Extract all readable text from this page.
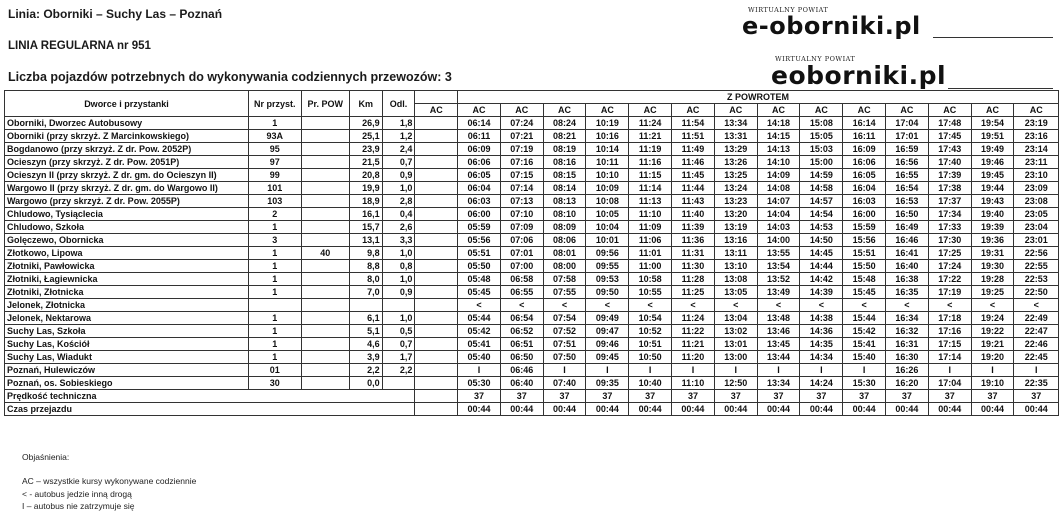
Linia: Oborniki – Suchy Las – Poznań
LINIA REGULARNA nr 951
Liczba pojazdów potrzebnych do wykonywania codziennych przewozów: 3
WIRTUALNY POWIAT
e-oborniki.pl
WIRTUALNY POWIAT
eoborniki.pl
Dworce i przystanki	Nr przyst.	Pr. POW	Km	Odl.		Z POWROTEM													
					AC	AC	AC	AC	AC	AC	AC	AC	AC	AC	AC	AC	AC	AC	AC
Oborniki, Dworzec Autobusowy	1		26,9	1,8		06:14	07:24	08:24	10:19	11:24	11:54	13:34	14:18	15:08	16:14	17:04	17:48	19:54	23:19
Oborniki (przy skrzyż. Z Marcinkowskiego)	93A		25,1	1,2		06:11	07:21	08:21	10:16	11:21	11:51	13:31	14:15	15:05	16:11	17:01	17:45	19:51	23:16
Bogdanowo (przy skrzyż. Z dr. Pow. 2052P)	95		23,9	2,4		06:09	07:19	08:19	10:14	11:19	11:49	13:29	14:13	15:03	16:09	16:59	17:43	19:49	23:14
Ocieszyn (przy skrzyż. Z dr. Pow. 2051P)	97		21,5	0,7		06:06	07:16	08:16	10:11	11:16	11:46	13:26	14:10	15:00	16:06	16:56	17:40	19:46	23:11
Ocieszyn II (przy skrzyż. Z dr. gm. do Ocieszyn II)	99		20,8	0,9		06:05	07:15	08:15	10:10	11:15	11:45	13:25	14:09	14:59	16:05	16:55	17:39	19:45	23:10
Wargowo II (przy skrzyż. Z dr. gm. do Wargowo II)	101		19,9	1,0		06:04	07:14	08:14	10:09	11:14	11:44	13:24	14:08	14:58	16:04	16:54	17:38	19:44	23:09
Wargowo (przy skrzyż. Z dr. Pow. 2055P)	103		18,9	2,8		06:03	07:13	08:13	10:08	11:13	11:43	13:23	14:07	14:57	16:03	16:53	17:37	19:43	23:08
Chludowo, Tysiąclecia	2		16,1	0,4		06:00	07:10	08:10	10:05	11:10	11:40	13:20	14:04	14:54	16:00	16:50	17:34	19:40	23:05
Chludowo, Szkoła	1		15,7	2,6		05:59	07:09	08:09	10:04	11:09	11:39	13:19	14:03	14:53	15:59	16:49	17:33	19:39	23:04
Golęczewo, Obornicka	3		13,1	3,3		05:56	07:06	08:06	10:01	11:06	11:36	13:16	14:00	14:50	15:56	16:46	17:30	19:36	23:01
Złotkowo, Lipowa	1	40	9,8	1,0		05:51	07:01	08:01	09:56	11:01	11:31	13:11	13:55	14:45	15:51	16:41	17:25	19:31	22:56
Złotniki, Pawłowicka	1		8,8	0,8		05:50	07:00	08:00	09:55	11:00	11:30	13:10	13:54	14:44	15:50	16:40	17:24	19:30	22:55
Złotniki, Łagiewnicka	1		8,0	1,0		05:48	06:58	07:58	09:53	10:58	11:28	13:08	13:52	14:42	15:48	16:38	17:22	19:28	22:53
Złotniki, Złotnicka	1		7,0	0,9		05:45	06:55	07:55	09:50	10:55	11:25	13:05	13:49	14:39	15:45	16:35	17:19	19:25	22:50
Jelonek, Złotnicka						<	<	<	<	<	<	<	<	<	<	<	<	<	<
Jelonek, Nektarowa	1		6,1	1,0		05:44	06:54	07:54	09:49	10:54	11:24	13:04	13:48	14:38	15:44	16:34	17:18	19:24	22:49
Suchy Las, Szkoła	1		5,1	0,5		05:42	06:52	07:52	09:47	10:52	11:22	13:02	13:46	14:36	15:42	16:32	17:16	19:22	22:47
Suchy Las, Kościół	1		4,6	0,7		05:41	06:51	07:51	09:46	10:51	11:21	13:01	13:45	14:35	15:41	16:31	17:15	19:21	22:46
Suchy Las, Wiadukt	1		3,9	1,7		05:40	06:50	07:50	09:45	10:50	11:20	13:00	13:44	14:34	15:40	16:30	17:14	19:20	22:45
Poznań, Hulewiczów	01		2,2	2,2		I	06:46	I	I	I	I	I	I	I	I	16:26	I	I	I
Poznań, os. Sobieskiego	30		0,0			05:30	06:40	07:40	09:35	10:40	11:10	12:50	13:34	14:24	15:30	16:20	17:04	19:10	22:35
Prędkość techniczna						37	37	37	37	37	37	37	37	37	37	37	37	37	37
Czas przejazdu						00:44	00:44	00:44	00:44	00:44	00:44	00:44	00:44	00:44	00:44	00:44	00:44	00:44	00:44
Objaśnienia:
AC – wszystkie kursy wykonywane codziennie
< - autobus jedzie inną drogą
I – autobus nie zatrzymuje się
